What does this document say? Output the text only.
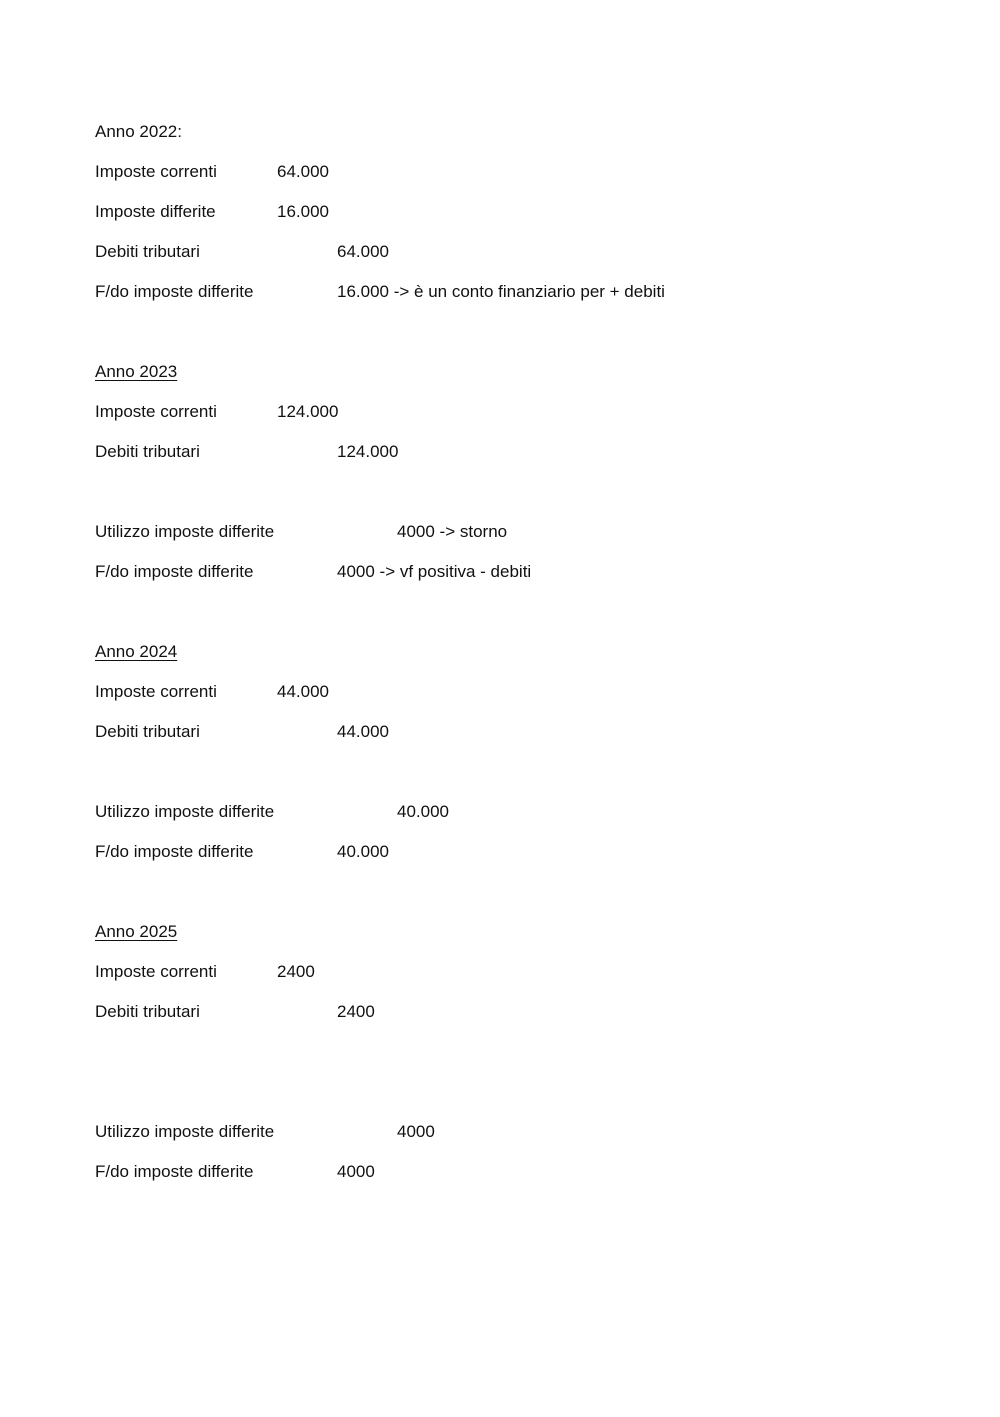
Anno 2022:
Imposte correnti	64.000
Imposte differite	16.000
Debiti tributari	64.000
F/do imposte differite	16.000 -> è un conto finanziario per + debiti
Anno 2023
Imposte correnti	124.000
Debiti tributari	124.000
Utilizzo imposte differite	4000 -> storno
F/do imposte differite	4000 -> vf positiva - debiti
Anno 2024
Imposte correnti	44.000
Debiti tributari	44.000
Utilizzo imposte differite	40.000
F/do imposte differite	40.000
Anno 2025
Imposte correnti	2400
Debiti tributari	2400
Utilizzo imposte differite	4000
F/do imposte differite	4000
